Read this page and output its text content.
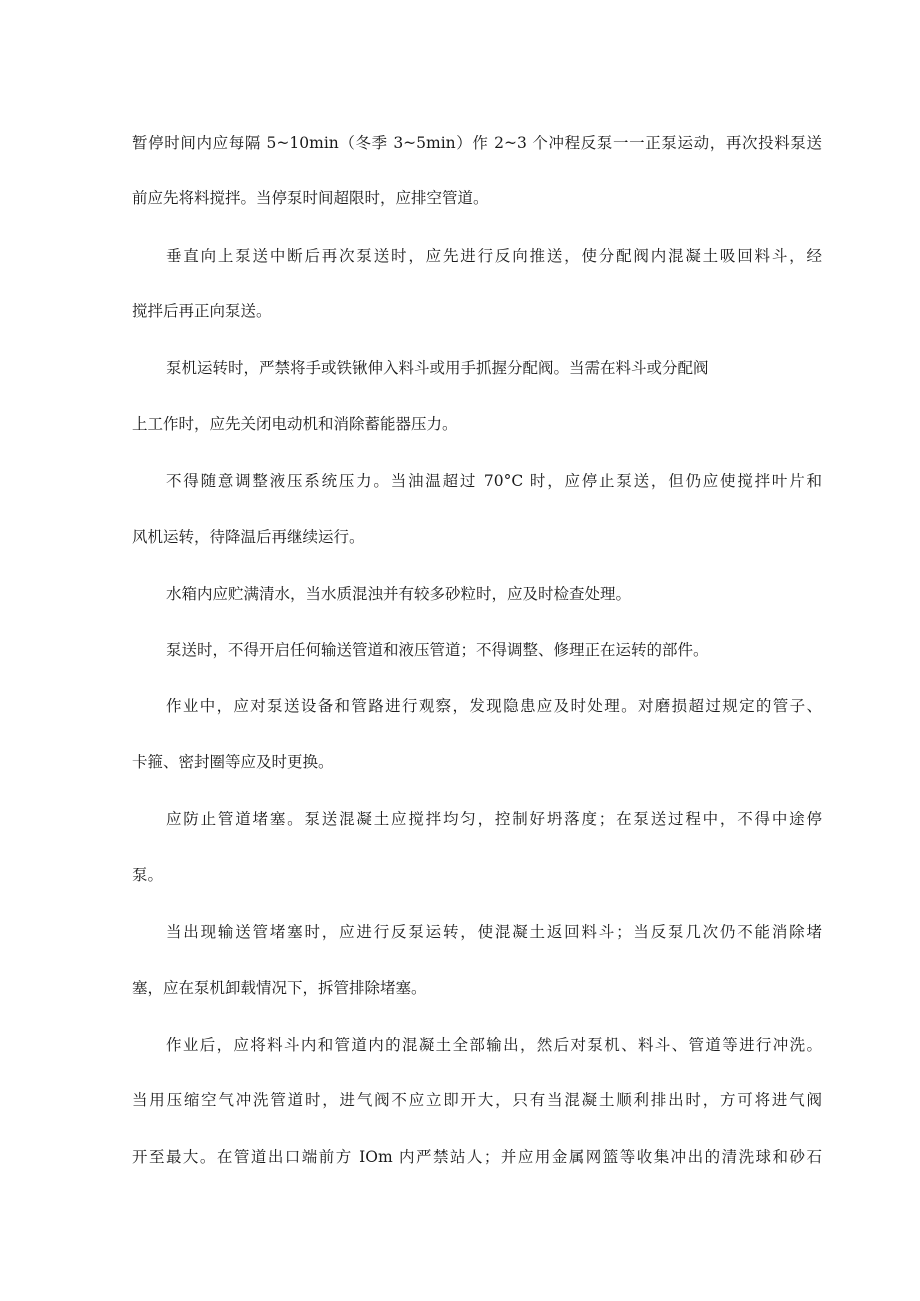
暂停时间内应每隔 5~10min（冬季 3~5min）作 2~3 个冲程反泵一一正泵运动，再次投料泵送
前应先将料搅拌。当停泵时间超限时，应排空管道。
垂直向上泵送中断后再次泵送时，应先进行反向推送，使分配阀内混凝土吸回料斗，经
搅拌后再正向泵送。
泵机运转时，严禁将手或铁锹伸入料斗或用手抓握分配阀。当需在料斗或分配阀
上工作时，应先关闭电动机和消除蓄能器压力。
不得随意调整液压系统压力。当油温超过 70°C 时，应停止泵送，但仍应使搅拌叶片和
风机运转，待降温后再继续运行。
水箱内应贮满清水，当水质混浊并有较多砂粒时，应及时检查处理。
泵送时，不得开启任何输送管道和液压管道；不得调整、修理正在运转的部件。
作业中，应对泵送设备和管路进行观察，发现隐患应及时处理。对磨损超过规定的管子、
卡箍、密封圈等应及时更换。
应防止管道堵塞。泵送混凝土应搅拌均匀，控制好坍落度；在泵送过程中，不得中途停
泵。
当出现输送管堵塞时，应进行反泵运转，使混凝土返回料斗；当反泵几次仍不能消除堵
塞，应在泵机卸载情况下，拆管排除堵塞。
作业后，应将料斗内和管道内的混凝土全部输出，然后对泵机、料斗、管道等进行冲洗。
当用压缩空气冲洗管道时，进气阀不应立即开大，只有当混凝土顺利排出时，方可将进气阀
开至最大。在管道出口端前方 IOm 内严禁站人；并应用金属网篮等收集冲出的清洗球和砂石
